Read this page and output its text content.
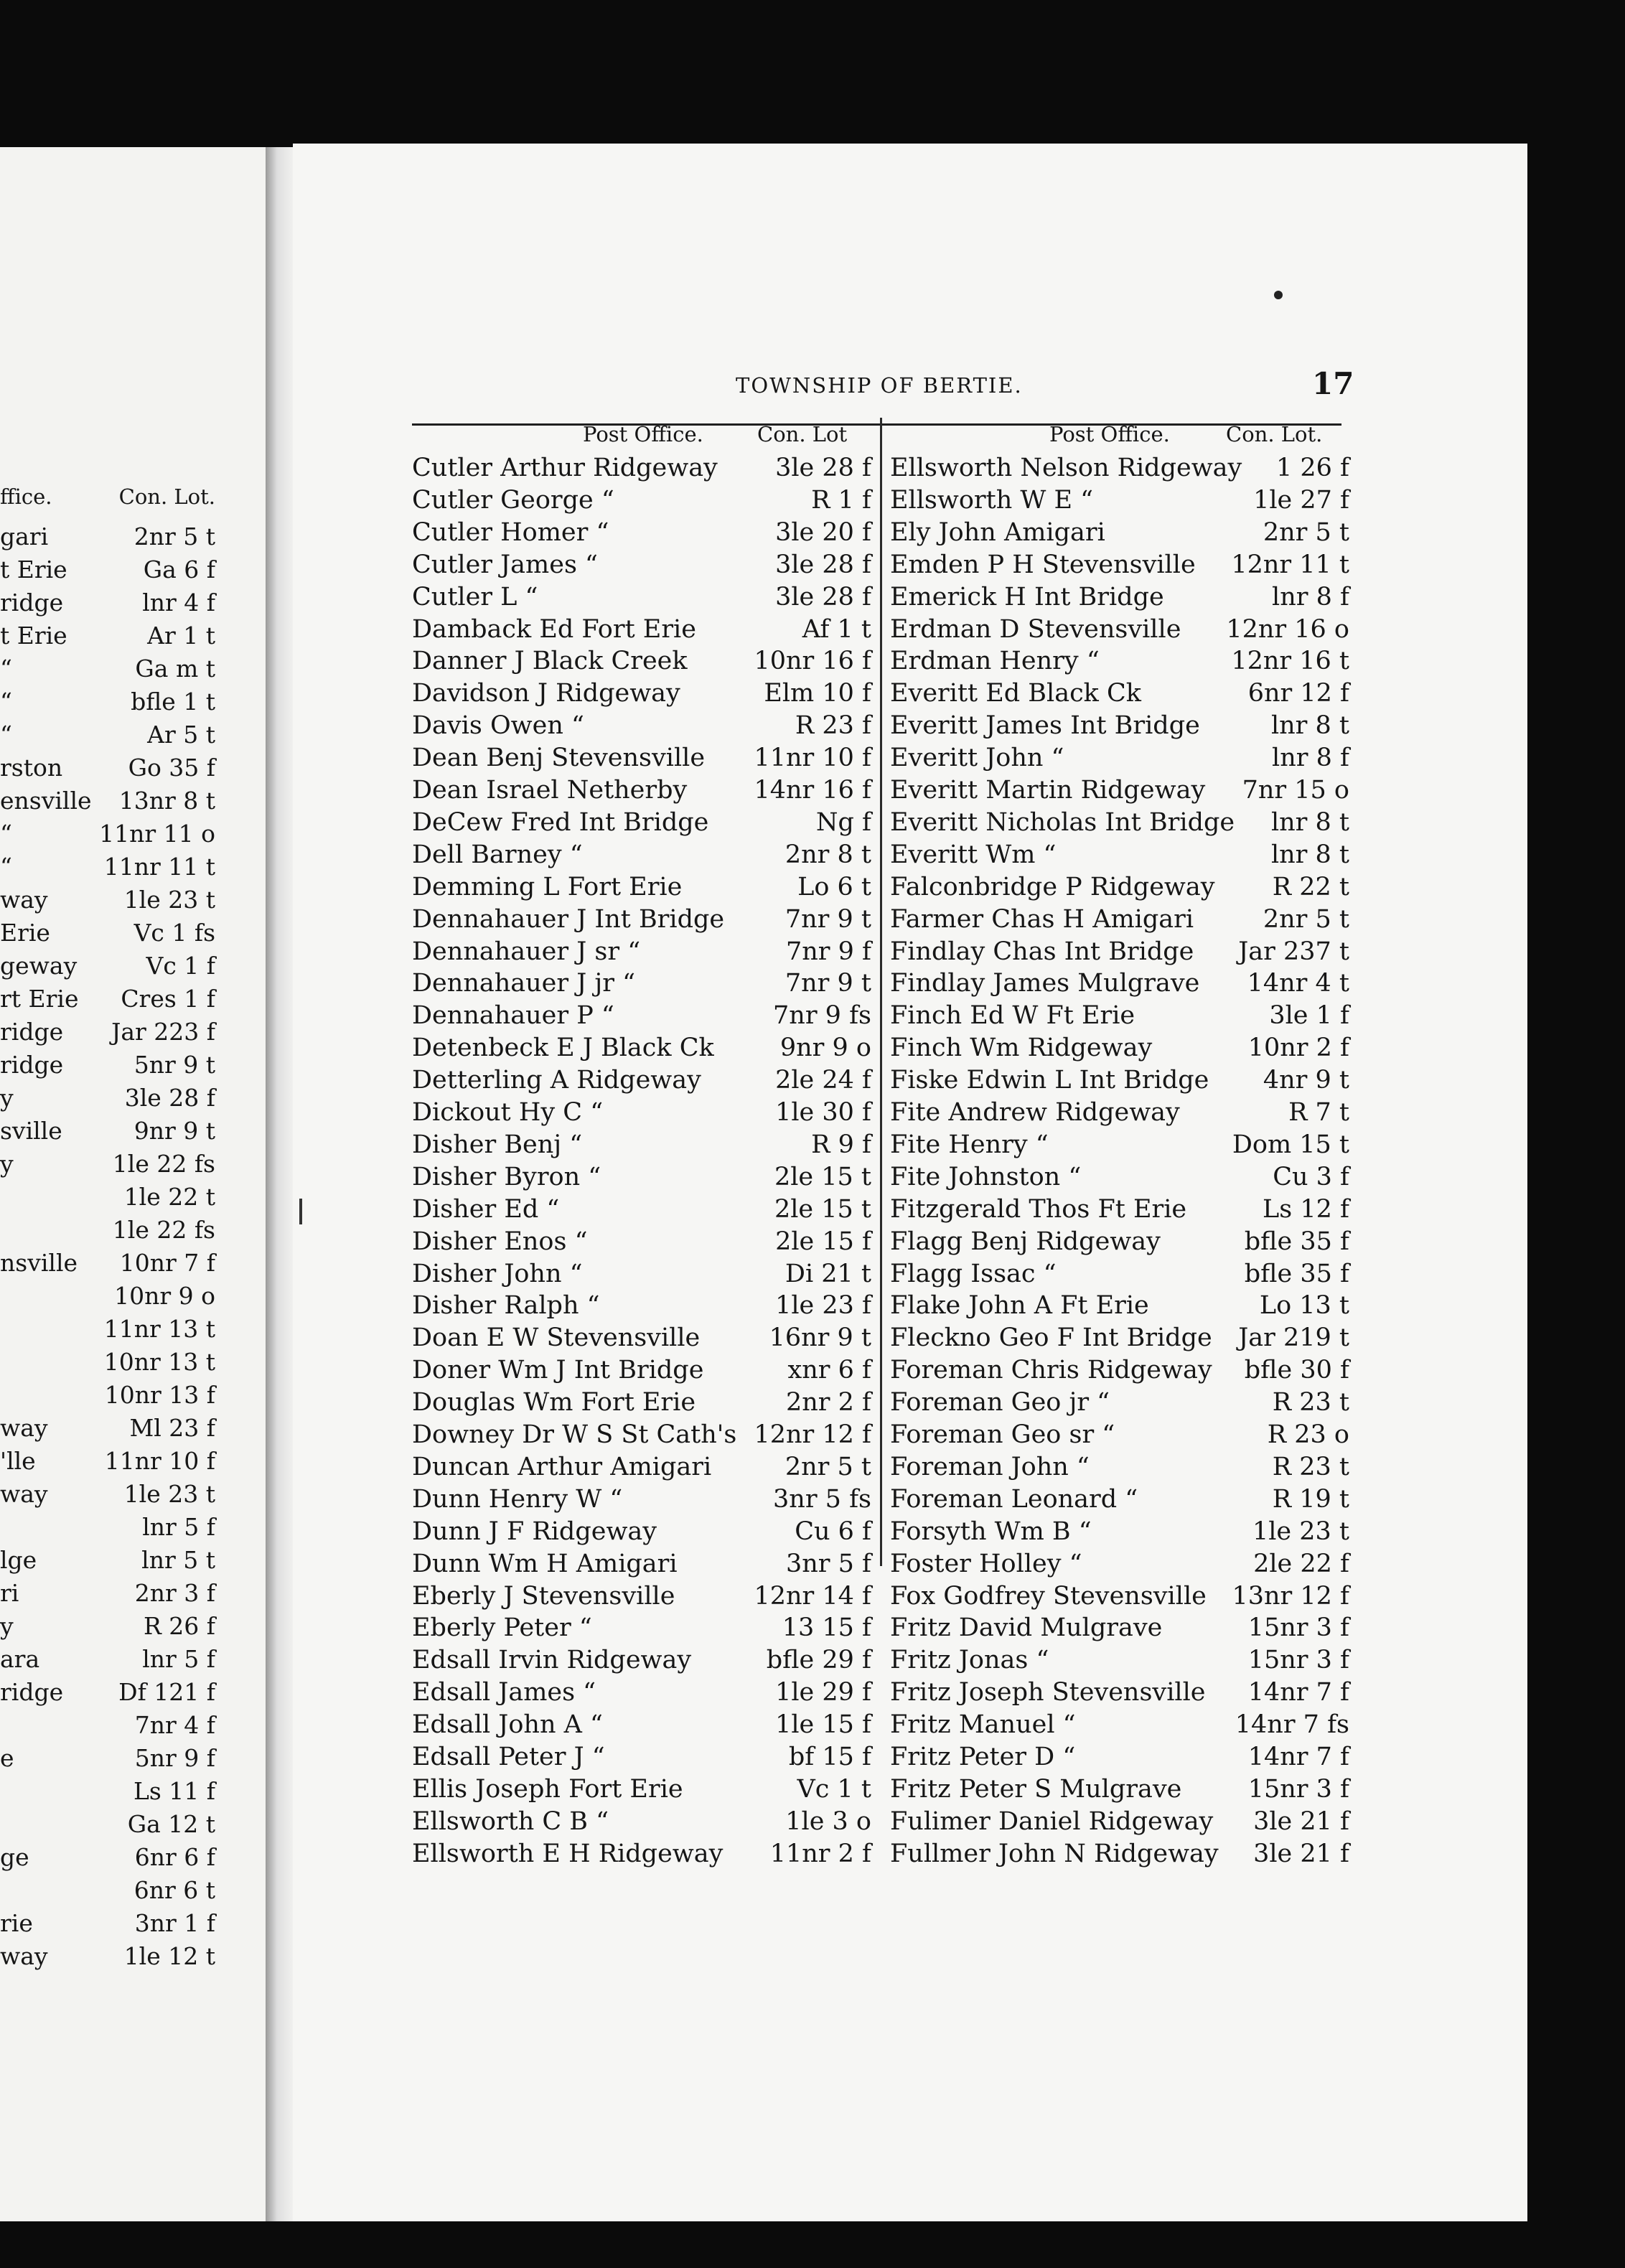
ffice.	Con. Lot.
gari	2nr 5 t
t Erie	Ga 6 f
ridge	lnr 4 f
t Erie	Ar 1 t
“	Ga m t
“	bfle 1 t
“	Ar 5 t
rston	Go 35 f
ensville 13nr 8 t
“	11nr 11 o
“	11nr 11 t
way	1le 23 t
Erie	Vc 1 fs
geway	Vc 1 f
rt Erie Cres 1 f
ridge Jar 223 f
ridge	5nr 9 t
y	3le 28 f
sville	9nr 9 t
y	1le 22 fs
1le 22 t
1le 22 fs
nsville 10nr 7 f
10nr 9 o
11nr 13 t
10nr 13 t
10nr 13 f
way	Ml 23 f
'lle	11nr 10 f
way	1le 23 t
lnr 5 f
lge	lnr 5 t
ri	2nr 3 f
y	R 26 f
ara	lnr 5 f
ridge Df 121 f
7nr 4 f
e	5nr 9 f
Ls 11 f
Ga 12 t
ge	6nr 6 f
6nr 6 t
rie	3nr 1 f
way	1le 12 t
TOWNSHIP OF BERTIE.	17
Post Office.	Con. Lot	Post Office.	Con. Lot.
Cutler Arthur Ridgeway 3le 28 f
Cutler George “	R 1 f
Cutler Homer “	3le 20 f
Cutler James “	3le 28 f
Cutler L “	3le 28 f
Damback Ed Fort Erie	Af 1 t
Danner J Black Creek	10nr 16 f
Davidson J Ridgeway	Elm 10 f
Davis Owen “	R 23 f
Dean Benj Stevensville 11nr 10 f
Dean Israel Netherby	14nr 16 f
DeCew Fred Int Bridge	Ng f
Dell Barney “	2nr 8 t
Demming L Fort Erie	Lo 6 t
Dennahauer J Int Bridge 7nr 9 t
Dennahauer J sr “	7nr 9 f
Dennahauer J jr “	7nr 9 t
Dennahauer P “	7nr 9 fs
Detenbeck E J Black Ck	9nr 9 o
Detterling A Ridgeway	2le 24 f
Dickout Hy C “	1le 30 f
Disher Benj “	R 9 f
Disher Byron “	2le 15 t
Disher Ed “	2le 15 t
Disher Enos “	2le 15 f
Disher John “	Di 21 t
Disher Ralph “	1le 23 f
Doan E W Stevensville	16nr 9 t
Doner Wm J Int Bridge	xnr 6 f
Douglas Wm Fort Erie	2nr 2 f
Downey Dr W S St Cath's 12nr 12 f
Duncan Arthur Amigari	2nr 5 t
Dunn Henry W “	3nr 5 fs
Dunn J F Ridgeway	Cu 6 f
Dunn Wm H Amigari	3nr 5 f
Eberly J Stevensville	12nr 14 f
Eberly Peter “	13 15 f
Edsall Irvin Ridgeway	bfle 29 f
Edsall James “	1le 29 f
Edsall John A “	1le 15 f
Edsall Peter J “	bf 15 f
Ellis Joseph Fort Erie	Vc 1 t
Ellsworth C B “	1le 3 o
Ellsworth E H Ridgeway 11nr 2 f
Ellsworth Nelson Ridgeway 1 26 f
Ellsworth W E “	1le 27 f
Ely John Amigari	2nr 5 t
Emden P H Stevensville 12nr 11 t
Emerick H Int Bridge	lnr 8 f
Erdman D Stevensville 12nr 16 o
Erdman Henry “	12nr 16 t
Everitt Ed Black Ck	6nr 12 f
Everitt James Int Bridge	lnr 8 t
Everitt John “	lnr 8 f
Everitt Martin Ridgeway 7nr 15 o
Everitt Nicholas Int Bridge lnr 8 t
Everitt Wm “	lnr 8 t
Falconbridge P Ridgeway R 22 t
Farmer Chas H Amigari	2nr 5 t
Findlay Chas Int Bridge Jar 237 t
Findlay James Mulgrave 14nr 4 t
Finch Ed W Ft Erie	3le 1 f
Finch Wm Ridgeway	10nr 2 f
Fiske Edwin L Int Bridge 4nr 9 t
Fite Andrew Ridgeway	R 7 t
Fite Henry “	Dom 15 t
Fite Johnston “	Cu 3 f
Fitzgerald Thos Ft Erie	Ls 12 f
Flagg Benj Ridgeway	bfle 35 f
Flagg Issac “	bfle 35 f
Flake John A Ft Erie	Lo 13 t
Fleckno Geo F Int Bridge Jar 219 t
Foreman Chris Ridgeway bfle 30 f
Foreman Geo jr “	R 23 t
Foreman Geo sr “	R 23 o
Foreman John “	R 23 t
Foreman Leonard “	R 19 t
Forsyth Wm B “	1le 23 t
Foster Holley “	2le 22 f
Fox Godfrey Stevensville 13nr 12 f
Fritz David Mulgrave	15nr 3 f
Fritz Jonas “	15nr 3 f
Fritz Joseph Stevensville 14nr 7 f
Fritz Manuel “	14nr 7 fs
Fritz Peter D “	14nr 7 f
Fritz Peter S Mulgrave	15nr 3 f
Fulimer Daniel Ridgeway 3le 21 f
Fullmer John N Ridgeway 3le 21 f
